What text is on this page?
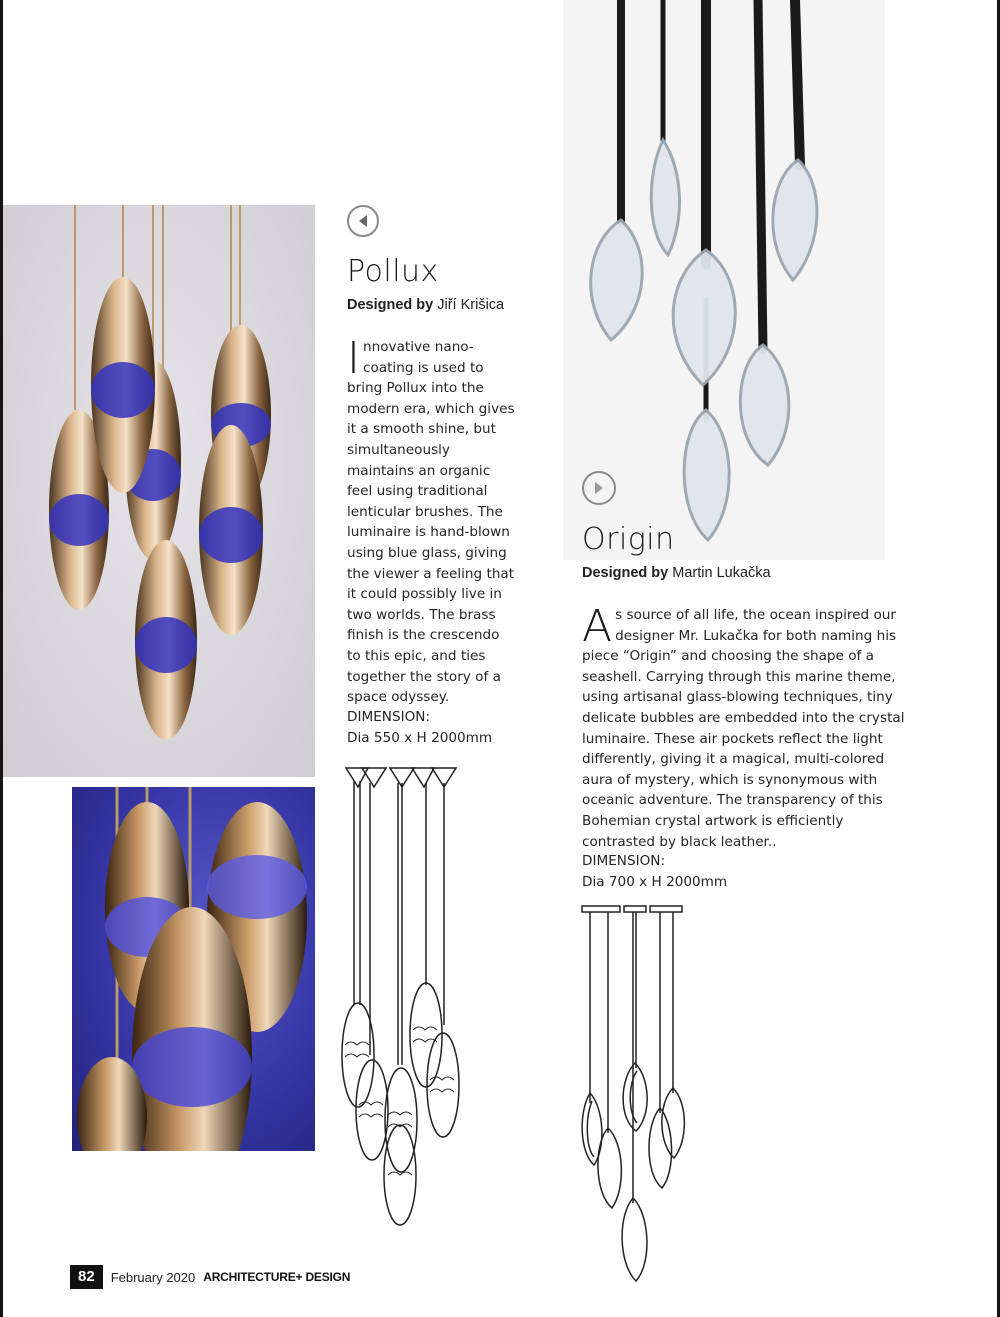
Pollux
Designed by Jiří Krišica

Innovative nano-coating is used to bring Pollux into the modern era, which gives it a smooth shine, but simultaneously maintains an organic feel using traditional lenticular brushes. The luminaire is hand-blown using blue glass, giving the viewer a feeling that it could possibly live in two worlds. The brass finish is the crescendo to this epic, and ties together the story of a space odyssey.

DIMENSION:
Dia 550 x H 2000mm
Origin
Designed by Martin Lukačka

As source of all life, the ocean inspired our designer Mr. Lukačka for both naming his piece “Origin” and choosing the shape of a seashell. Carrying through this marine theme, using artisanal glass-blowing techniques, tiny delicate bubbles are embedded into the crystal luminaire. These air pockets reflect the light differently, giving it a magical, multi-colored aura of mystery, which is synonymous with oceanic adventure. The transparency of this Bohemian crystal artwork is efficiently contrasted by black leather..

DIMENSION:
Dia 700 x H 2000mm
82	February 2020 ARCHITECTURE+ DESIGN
